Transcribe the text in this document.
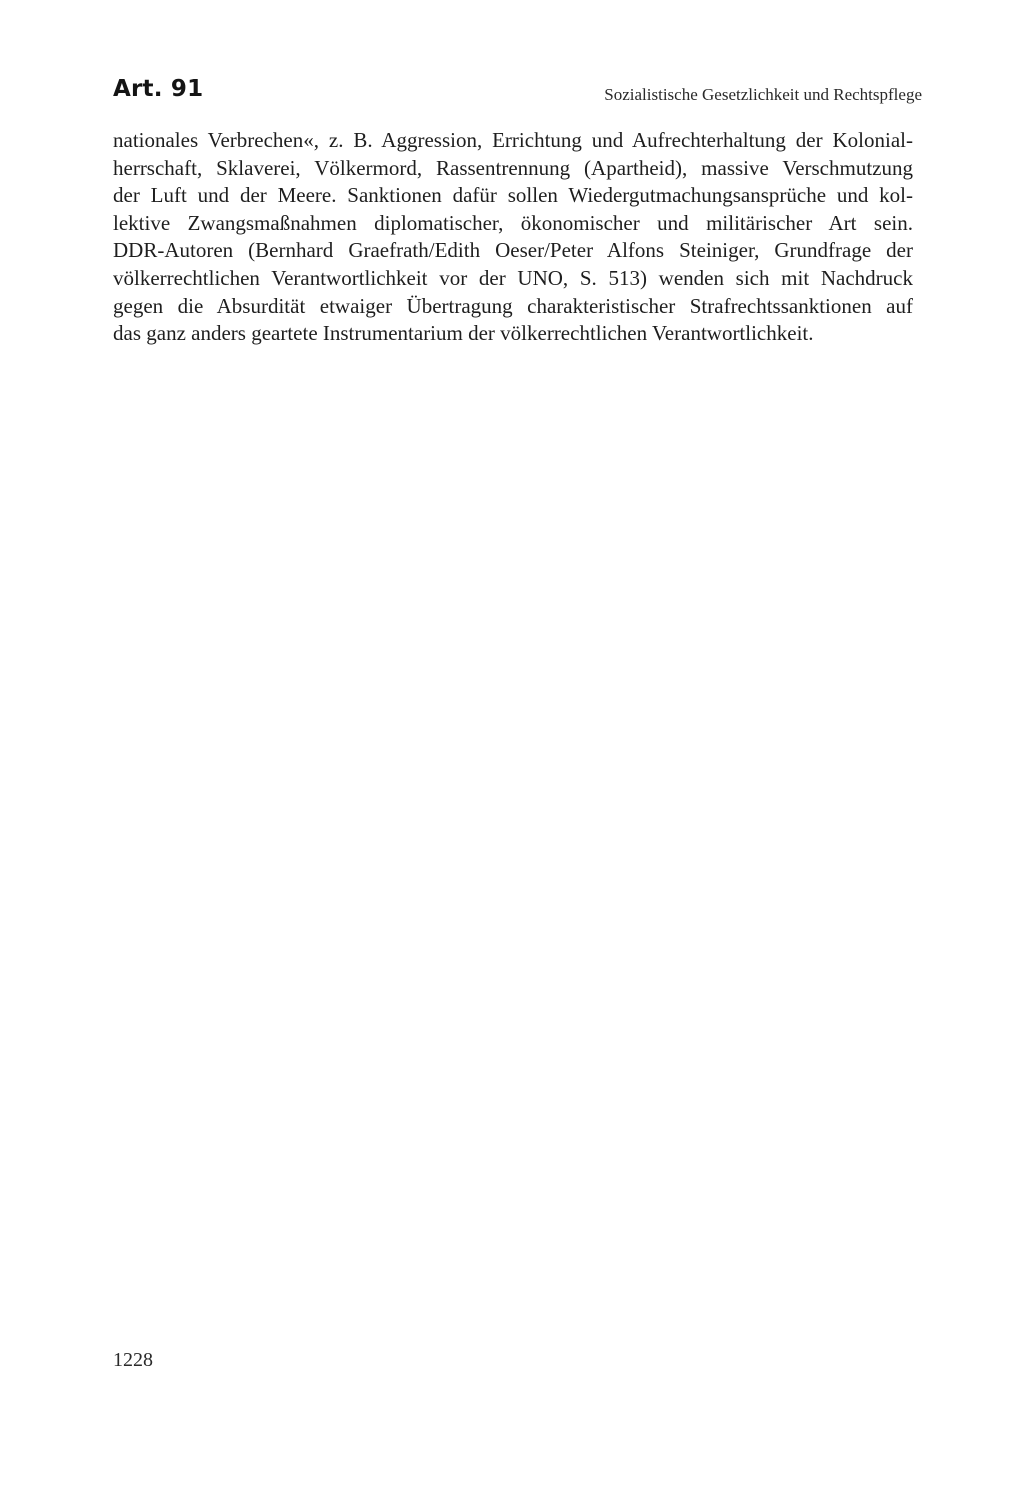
Art. 91	Sozialistische Gesetzlichkeit und Rechtspflege
nationales Verbrechen«, z. B. Aggression, Errichtung und Aufrechterhaltung der Kolonial-
herrschaft, Sklaverei, Völkermord, Rassentrennung (Apartheid), massive Verschmutzung
der Luft und der Meere. Sanktionen dafür sollen Wiedergutmachungsansprüche und kol-
lektive Zwangsmaßnahmen diplomatischer, ökonomischer und militärischer Art sein.
DDR-Autoren (Bernhard Graefrath/Edith Oeser/Peter Alfons Steiniger, Grundfrage der
völkerrechtlichen Verantwortlichkeit vor der UNO, S. 513) wenden sich mit Nachdruck
gegen die Absurdität etwaiger Übertragung charakteristischer Strafrechtssanktionen auf
das ganz anders geartete Instrumentarium der völkerrechtlichen Verantwortlichkeit.
1228
